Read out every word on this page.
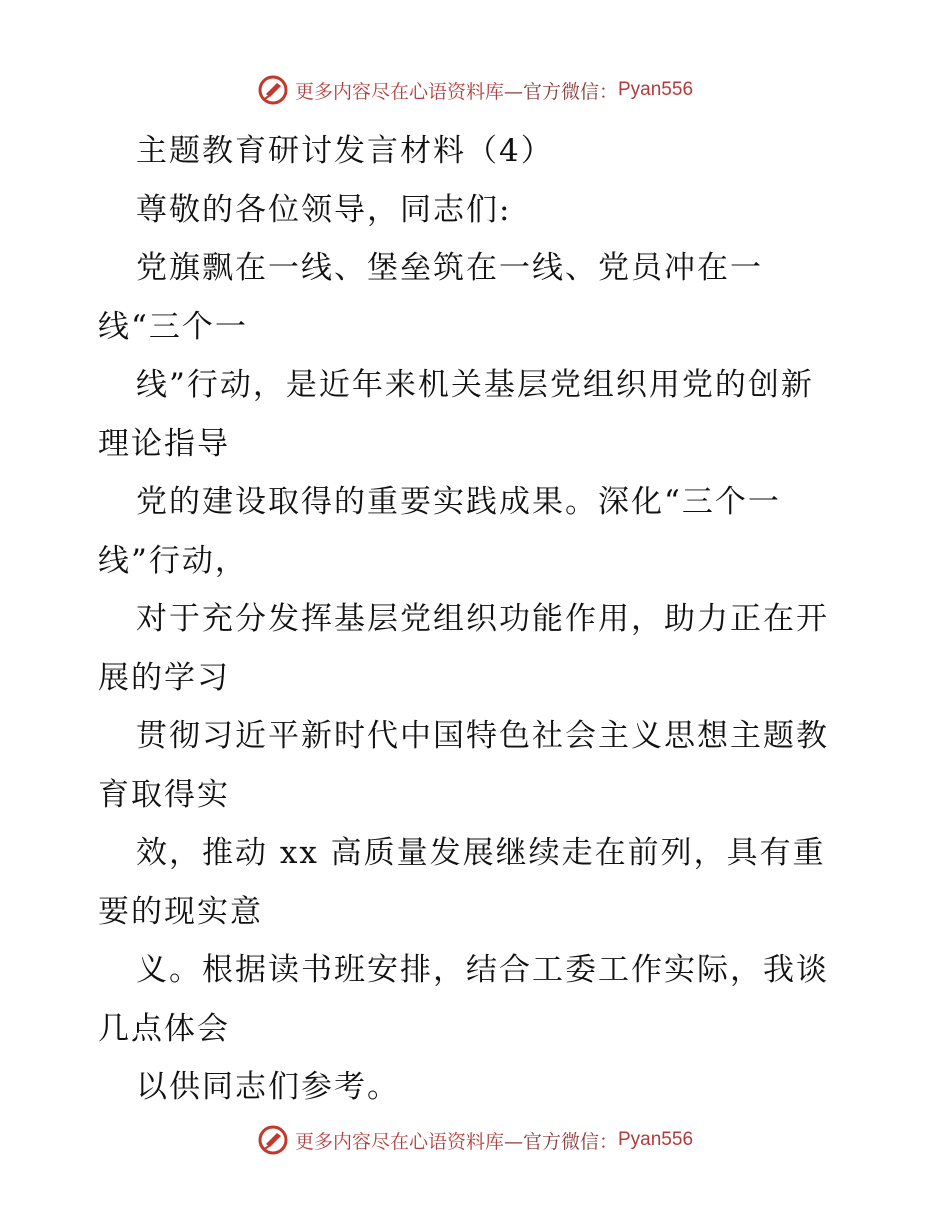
更多内容尽在心语资料库 —官方微信： Pyan556
主题教育研讨发言材料（4）
尊敬的各位领导，同志们:
党旗飘在一线、堡垒筑在一线、党员冲在一
线“三个一
线”行动，是近年来机关基层党组织用党的创新
理论指导
党的建设取得的重要实践成果。深化“三个一
线”行动，
对于充分发挥基层党组织功能作用，助力正在开
展的学习
贯彻习近平新时代中国特色社会主义思想主题教
育取得实
效，推动 xx 高质量发展继续走在前列，具有重
要的现实意
义。根据读书班安排，结合工委工作实际，我谈
几点体会
以供同志们参考。
更多内容尽在心语资料库 —官方微信： Pyan556
